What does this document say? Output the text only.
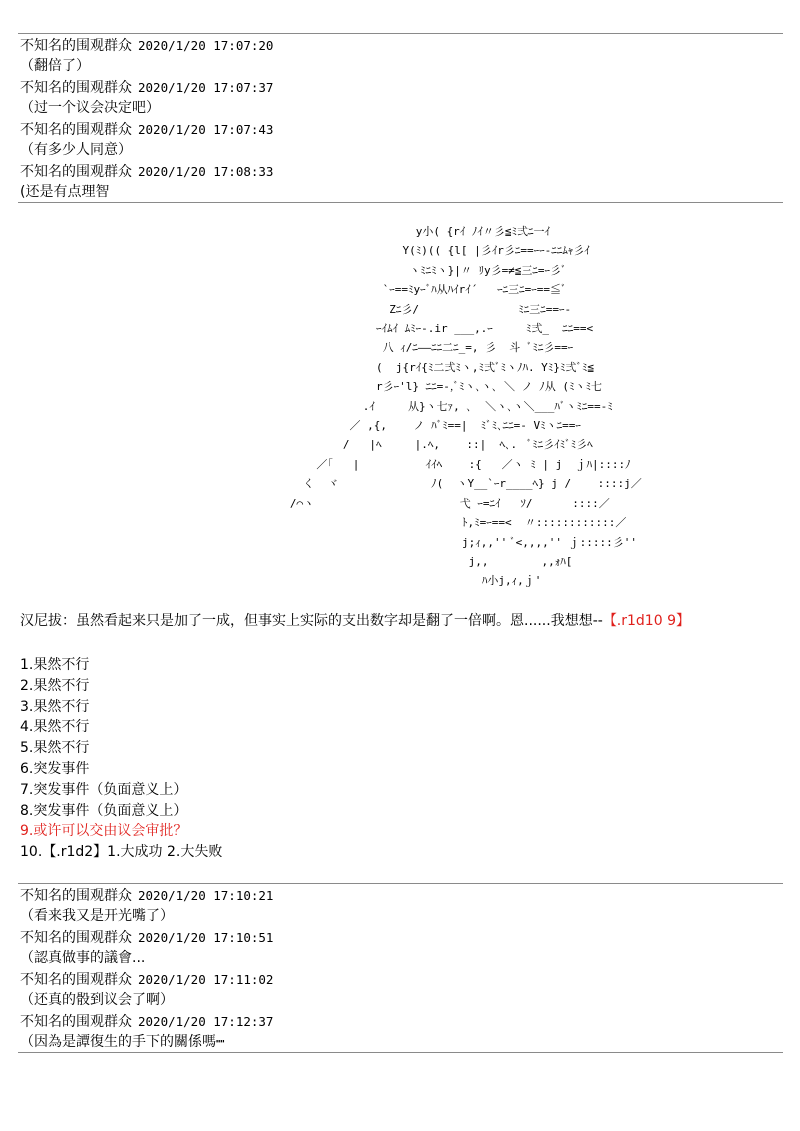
不知名的围观群众 2020/1/20 17:07:20
（翻倍了）
不知名的围观群众 2020/1/20 17:07:37
（过一个议会决定吧）
不知名的围观群众 2020/1/20 17:07:43
（有多少人同意）
不知名的围观群众 2020/1/20 17:08:33
(还是有点理智
y小( {rｲ ﾉｲ〃彡≦ﾐ弍ﾆ一ｲ
Y(ﾐ)(( {l[ |彡ｲr彡ﾆ==ｰｰ-ﾆﾆﾑｬ彡ｲ
ヽﾐﾆﾐヽ}|〃 ﾘy彡=≠≦三ﾆ=ｰ彡ﾞ
`ｰ==ﾐyｰﾞﾊ从ﾊｲrｲ´   ｰﾆ三ﾆ=ｰ==≦ﾞ
Zﾆ彡/               ﾐﾆ三ﾆ==ｰ-
ｰｲﾑｲ ﾑﾐｰ-.ir ___,.ｰ     ﾐ弍_  ﾆﾆ==<
八 ｨ/ﾆ――ﾆﾆ二ﾆ_=, 彡  斗 ﾞﾐﾆ彡==ｰ
(  j{rｲ{ﾐ二弍ﾐヽ,ﾐ弍ﾞﾐヽﾉﾊ. Yﾐ}ﾐ弍ﾞﾐ≦
r彡ｰ'l} ﾆﾆ=-,ﾞﾐヽ､ヽ､ ＼ ノ ﾉ从 (ﾐヽﾐ七
.ｲ     从}ヽ七ｧ, ､  ＼ヽ､ヽ＼___ﾊﾞヽﾐﾆ==-ﾐ
／ ,{,    ノ ﾊﾞﾐ==|  ﾐﾞﾐ､ﾆﾆ=- Vﾐヽﾆ==ｰ
/   |ﾍ     |.ﾍ,    ::|  ﾍ､.  ﾞﾐﾆ彡ｲﾐﾞﾐ彡ﾍ
／｢   |          ｲｲﾍ    :{   ／ヽ ﾐ | j  ｊﾊ|::::ﾉ
く  ヾ              ﾉ(  ヽY__`ｰr____ﾍ} j /    ::::j／
/⌒ヽ                      弋 ｰ=ﾆｲ   ｿ/      ::::／
ﾄ,ﾐ=ｰ==<  〃::::::::::::／
j;ｨ,,'' ﾞ<,,,,'' ｊ:::::彡''
j,,        ,,ｫﾊ[
ﾊ小j,ｨ,ｊ'
汉尼拔：虽然看起来只是加了一成，但事实上实际的支出数字却是翻了一倍啊。恩......我想想--【.r1d10 9】
1.果然不行
2.果然不行
3.果然不行
4.果然不行
5.果然不行
6.突发事件
7.突发事件（负面意义上）
8.突发事件（负面意义上）
9.或许可以交由议会审批？
10.【.r1d2】1.大成功 2.大失败
不知名的围观群众 2020/1/20 17:10:21
（看来我又是开光嘴了）
不知名的围观群众 2020/1/20 17:10:51
（認真做事的議會...
不知名的围观群众 2020/1/20 17:11:02
（还真的骰到议会了啊）
不知名的围观群众 2020/1/20 17:12:37
（因為是譚復生的手下的關係嗎┉
